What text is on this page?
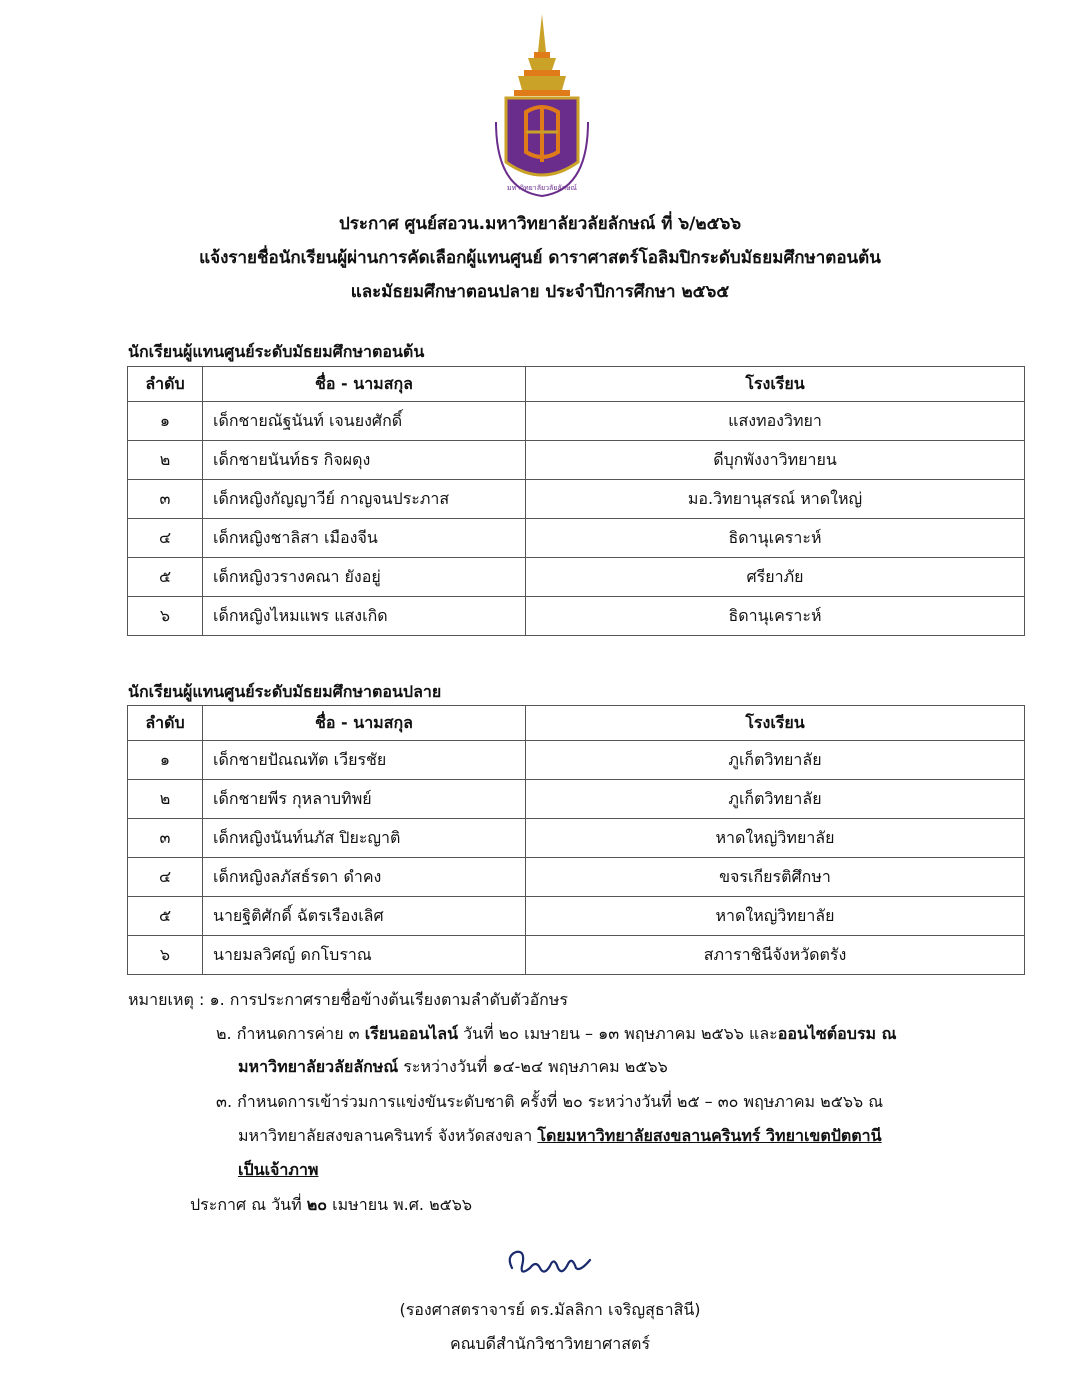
มหาวิทยาลัยวลัยลักษณ์
ประกาศ ศูนย์สอวน.มหาวิทยาลัยวลัยลักษณ์ ที่ ๖/๒๕๖๖
แจ้งรายชื่อนักเรียนผู้ผ่านการคัดเลือกผู้แทนศูนย์ ดาราศาสตร์โอลิมปิกระดับมัธยมศึกษาตอนต้น
และมัธยมศึกษาตอนปลาย ประจำปีการศึกษา ๒๕๖๕
นักเรียนผู้แทนศูนย์ระดับมัธยมศึกษาตอนต้น
ลำดับ	ชื่อ - นามสกุล	โรงเรียน
๑	เด็กชายณัฐนันท์ เจนยงศักดิ์	แสงทองวิทยา
๒	เด็กชายนันท์ธร กิจผดุง	ดีบุกพังงาวิทยายน
๓	เด็กหญิงกัญญาวีย์ กาญจนประภาส	มอ.วิทยานุสรณ์ หาดใหญ่
๔	เด็กหญิงชาลิสา เมืองจีน	ธิดานุเคราะห์
๕	เด็กหญิงวรางคณา ยังอยู่	ศรียาภัย
๖	เด็กหญิงไหมแพร แสงเกิด	ธิดานุเคราะห์
นักเรียนผู้แทนศูนย์ระดับมัธยมศึกษาตอนปลาย
ลำดับ	ชื่อ - นามสกุล	โรงเรียน
๑	เด็กชายปัณณทัต เวียรชัย	ภูเก็ตวิทยาลัย
๒	เด็กชายพีร กุหลาบทิพย์	ภูเก็ตวิทยาลัย
๓	เด็กหญิงนันท์นภัส ปิยะญาติ	หาดใหญ่วิทยาลัย
๔	เด็กหญิงลภัสธ์รดา ดำคง	ขจรเกียรติศึกษา
๕	นายฐิติศักดิ์ ฉัตรเรืองเลิศ	หาดใหญ่วิทยาลัย
๖	นายมลวิศญ์ ดกโบราณ	สภาราชินีจังหวัดตรัง
หมายเหตุ : ๑. การประกาศรายชื่อข้างต้นเรียงตามลำดับตัวอักษร
๒. กำหนดการค่าย ๓ เรียนออนไลน์ วันที่ ๒๐ เมษายน – ๑๓ พฤษภาคม ๒๕๖๖ และออนไซต์อบรม ณ
มหาวิทยาลัยวลัยลักษณ์ ระหว่างวันที่ ๑๔-๒๔ พฤษภาคม ๒๕๖๖
๓. กำหนดการเข้าร่วมการแข่งขันระดับชาติ ครั้งที่ ๒๐ ระหว่างวันที่ ๒๕ – ๓๐ พฤษภาคม ๒๕๖๖ ณ
มหาวิทยาลัยสงขลานครินทร์ จังหวัดสงขลา โดยมหาวิทยาลัยสงขลานครินทร์ วิทยาเขตปัตตานี
เป็นเจ้าภาพ
ประกาศ ณ วันที่ ๒๐ เมษายน พ.ศ. ๒๕๖๖
(รองศาสตราจารย์ ดร.มัลลิกา เจริญสุธาสินี)
คณบดีสำนักวิชาวิทยาศาสตร์
